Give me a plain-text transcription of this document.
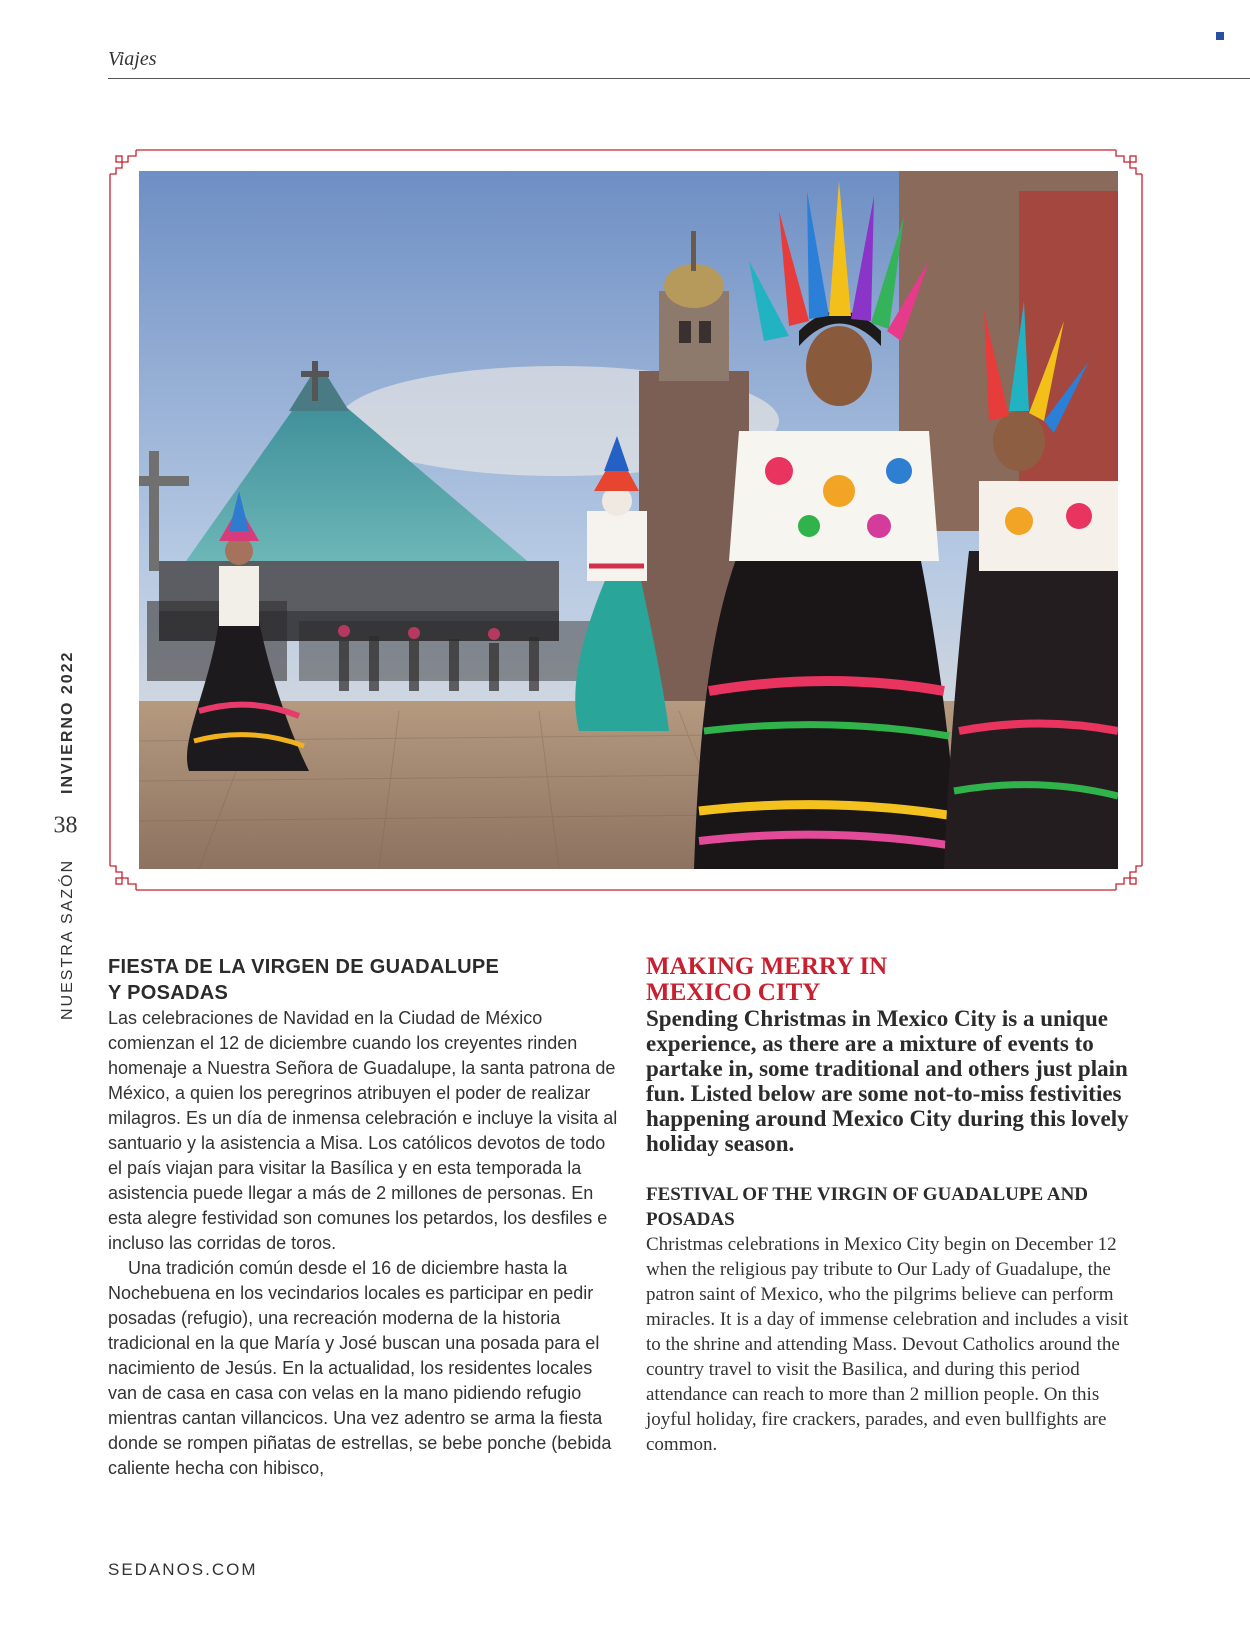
Viajes
NUESTRA SAZÓN 38 INVIERNO 2022

FIESTA DE LA VIRGEN DE GUADALUPE
Y POSADAS

Las celebraciones de Navidad en la Ciudad de México comienzan el 12 de diciembre cuando los creyentes rinden homenaje a Nuestra Señora de Guadalupe, la santa patrona de México, a quien los peregrinos atribuyen el poder de realizar milagros. Es un día de inmensa celebración e incluye la visita al santuario y la asistencia a Misa. Los católicos devotos de todo el país viajan para visitar la Basílica y en esta temporada la asistencia puede llegar a más de 2 millones de personas. En esta alegre festividad son comunes los petardos, los desfiles e incluso las corridas de toros.

Una tradición común desde el 16 de diciembre hasta la Nochebuena en los vecindarios locales es participar en pedir posadas (refugio), una recreación moderna de la historia tradicional en la que María y José buscan una posada para el nacimiento de Jesús. En la actualidad, los residentes locales van de casa en casa con velas en la mano pidiendo refugio mientras cantan villancicos. Una vez adentro se arma la fiesta donde se rompen piñatas de estrellas, se bebe ponche (bebida caliente hecha con hibisco,

MAKING MERRY IN
MEXICO CITY

Spending Christmas in Mexico City is a unique experience, as there are a mixture of events to partake in, some traditional and others just plain fun. Listed below are some not-to-miss festivities happening around Mexico City during this lovely holiday season.

FESTIVAL OF THE VIRGIN OF GUADALUPE AND POSADAS

Christmas celebrations in Mexico City begin on December 12 when the religious pay tribute to Our Lady of Guadalupe, the patron saint of Mexico, who the pilgrims believe can perform miracles. It is a day of immense celebration and includes a visit to the shrine and attending Mass. Devout Catholics around the country travel to visit the Basilica, and during this period attendance can reach to more than 2 million people. On this joyful holiday, fire crackers, parades, and even bullfights are common.

SEDANOS.COM
